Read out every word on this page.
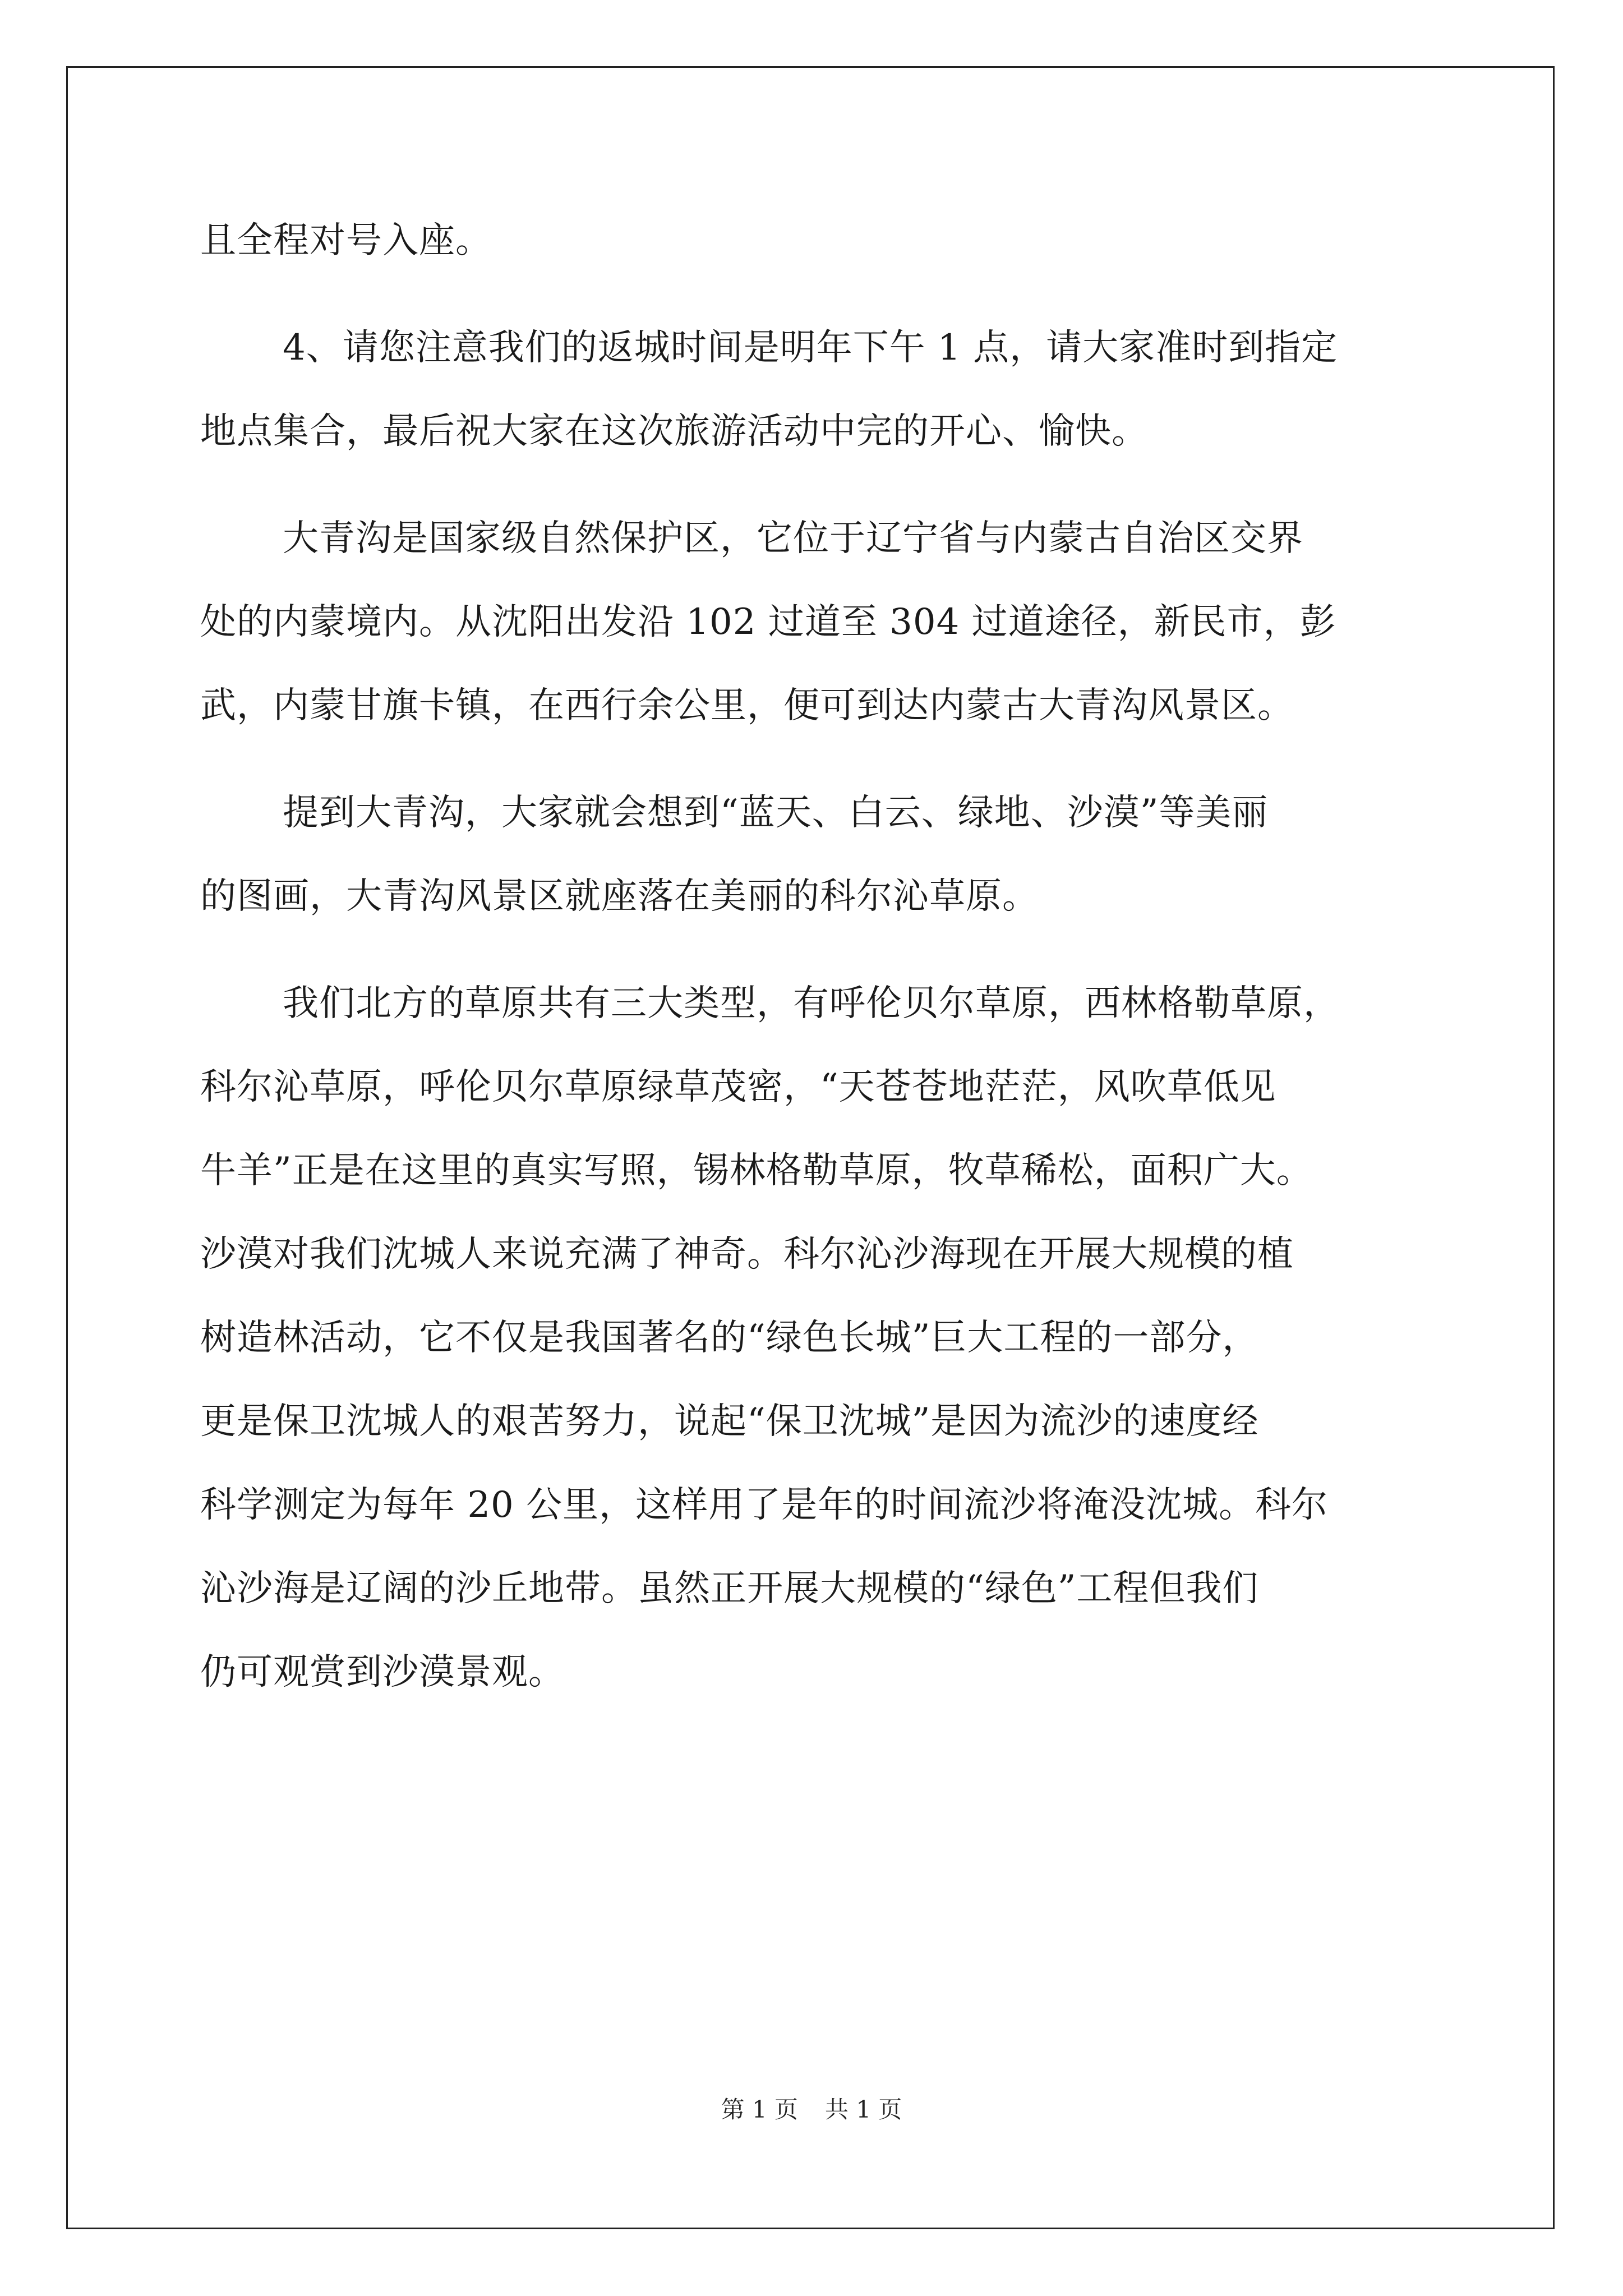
且全程对号入座。
4、请您注意我们的返城时间是明年下午 1 点，请大家准时到指定
地点集合，最后祝大家在这次旅游活动中完的开心、愉快。
大青沟是国家级自然保护区，它位于辽宁省与内蒙古自治区交界
处的内蒙境内。从沈阳出发沿 102 过道至 304 过道途径，新民市，彭
武，内蒙甘旗卡镇，在西行余公里，便可到达内蒙古大青沟风景区。
提到大青沟，大家就会想到“蓝天、白云、绿地、沙漠”等美丽
的图画，大青沟风景区就座落在美丽的科尔沁草原。
我们北方的草原共有三大类型，有呼伦贝尔草原，西林格勒草原，
科尔沁草原，呼伦贝尔草原绿草茂密，“天苍苍地茫茫，风吹草低见
牛羊”正是在这里的真实写照，锡林格勒草原，牧草稀松，面积广大。
沙漠对我们沈城人来说充满了神奇。科尔沁沙海现在开展大规模的植
树造林活动，它不仅是我国著名的“绿色长城”巨大工程的一部分，
更是保卫沈城人的艰苦努力，说起“保卫沈城”是因为流沙的速度经
科学测定为每年 20 公里，这样用了是年的时间流沙将淹没沈城。科尔
沁沙海是辽阔的沙丘地带。虽然正开展大规模的“绿色”工程但我们
仍可观赏到沙漠景观。
第 1 页 共 1 页
